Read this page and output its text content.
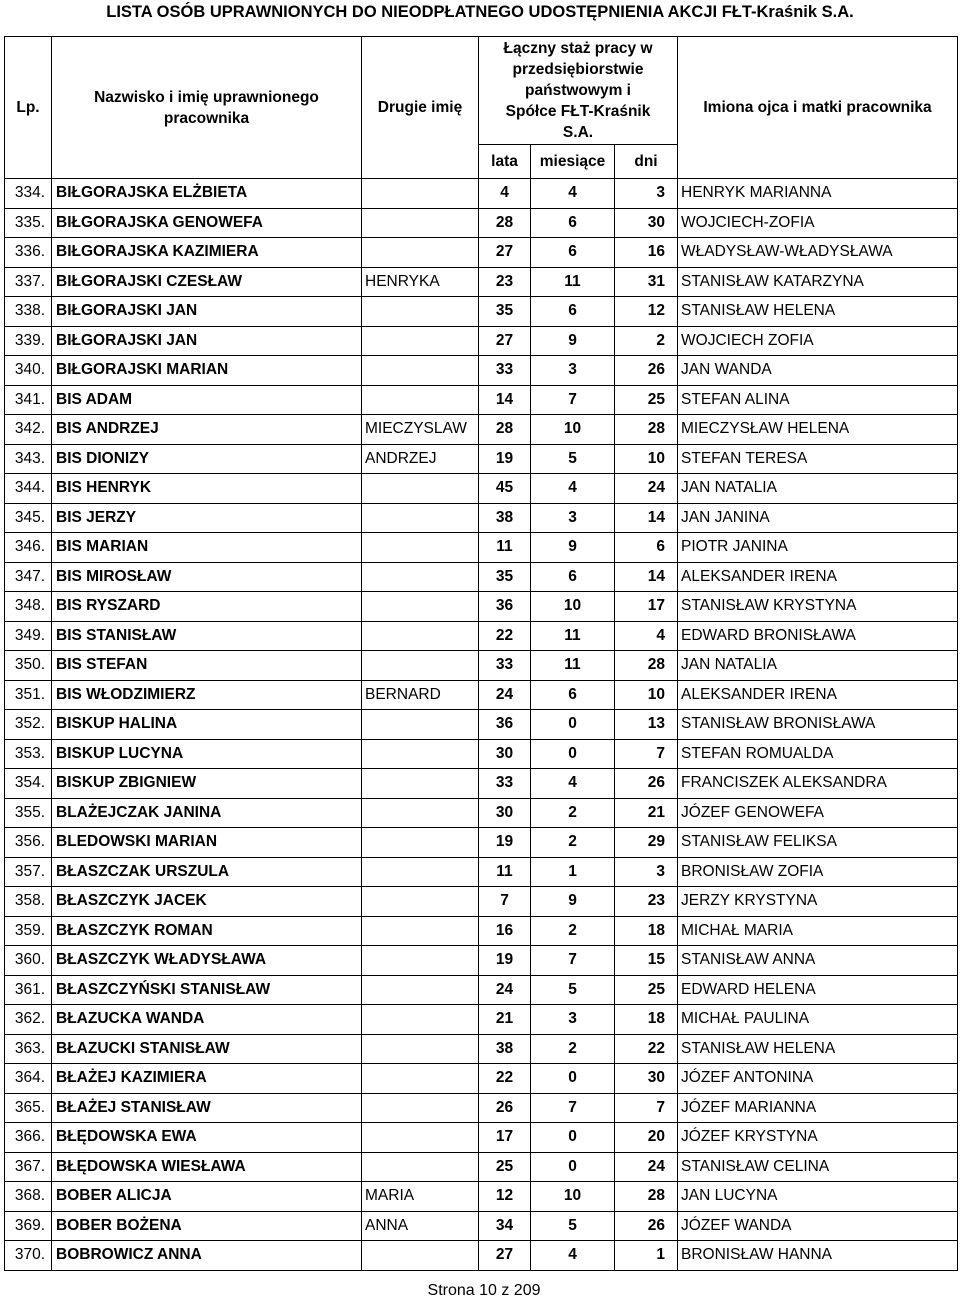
LISTA OSÓB UPRAWNIONYCH DO NIEODPŁATNEGO UDOSTĘPNIENIA AKCJI FŁT-Kraśnik S.A.
Lp.	Nazwisko i imię uprawnionego pracownika	Drugie imię	Łączny staż pracy w przedsiębiorstwie państwowym i Spółce FŁT-Kraśnik S.A.			Imiona ojca i matki pracownika
			lata	miesiące	dni	
334.	BIŁGORAJSKA ELŻBIETA		4	4	3	HENRYK MARIANNA
335.	BIŁGORAJSKA GENOWEFA		28	6	30	WOJCIECH-ZOFIA
336.	BIŁGORAJSKA KAZIMIERA		27	6	16	WŁADYSŁAW-WŁADYSŁAWA
337.	BIŁGORAJSKI CZESŁAW	HENRYKA	23	11	31	STANISŁAW KATARZYNA
338.	BIŁGORAJSKI JAN		35	6	12	STANISŁAW HELENA
339.	BIŁGORAJSKI JAN		27	9	2	WOJCIECH ZOFIA
340.	BIŁGORAJSKI MARIAN		33	3	26	JAN WANDA
341.	BIS ADAM		14	7	25	STEFAN ALINA
342.	BIS ANDRZEJ	MIECZYSLAW	28	10	28	MIECZYSŁAW HELENA
343.	BIS DIONIZY	ANDRZEJ	19	5	10	STEFAN TERESA
344.	BIS HENRYK		45	4	24	JAN NATALIA
345.	BIS JERZY		38	3	14	JAN JANINA
346.	BIS MARIAN		11	9	6	PIOTR JANINA
347.	BIS MIROSŁAW		35	6	14	ALEKSANDER IRENA
348.	BIS RYSZARD		36	10	17	STANISŁAW KRYSTYNA
349.	BIS STANISŁAW		22	11	4	EDWARD BRONISŁAWA
350.	BIS STEFAN		33	11	28	JAN NATALIA
351.	BIS WŁODZIMIERZ	BERNARD	24	6	10	ALEKSANDER IRENA
352.	BISKUP HALINA		36	0	13	STANISŁAW BRONISŁAWA
353.	BISKUP LUCYNA		30	0	7	STEFAN ROMUALDA
354.	BISKUP ZBIGNIEW		33	4	26	FRANCISZEK ALEKSANDRA
355.	BLAŻEJCZAK JANINA		30	2	21	JÓZEF GENOWEFA
356.	BLEDOWSKI MARIAN		19	2	29	STANISŁAW FELIKSA
357.	BŁASZCZAK URSZULA		11	1	3	BRONISŁAW ZOFIA
358.	BŁASZCZYK JACEK		7	9	23	JERZY KRYSTYNA
359.	BŁASZCZYK ROMAN		16	2	18	MICHAŁ MARIA
360.	BŁASZCZYK WŁADYSŁAWA		19	7	15	STANISŁAW ANNA
361.	BŁASZCZYŃSKI STANISŁAW		24	5	25	EDWARD HELENA
362.	BŁAZUCKA WANDA		21	3	18	MICHAŁ PAULINA
363.	BŁAZUCKI STANISŁAW		38	2	22	STANISŁAW HELENA
364.	BŁAŻEJ KAZIMIERA		22	0	30	JÓZEF ANTONINA
365.	BŁAŻEJ STANISŁAW		26	7	7	JÓZEF MARIANNA
366.	BŁĘDOWSKA EWA		17	0	20	JÓZEF KRYSTYNA
367.	BŁĘDOWSKA WIESŁAWA		25	0	24	STANISŁAW CELINA
368.	BOBER ALICJA	MARIA	12	10	28	JAN LUCYNA
369.	BOBER BOŻENA	ANNA	34	5	26	JÓZEF WANDA
370.	BOBROWICZ ANNA		27	4	1	BRONISŁAW HANNA
Strona 10 z 209
